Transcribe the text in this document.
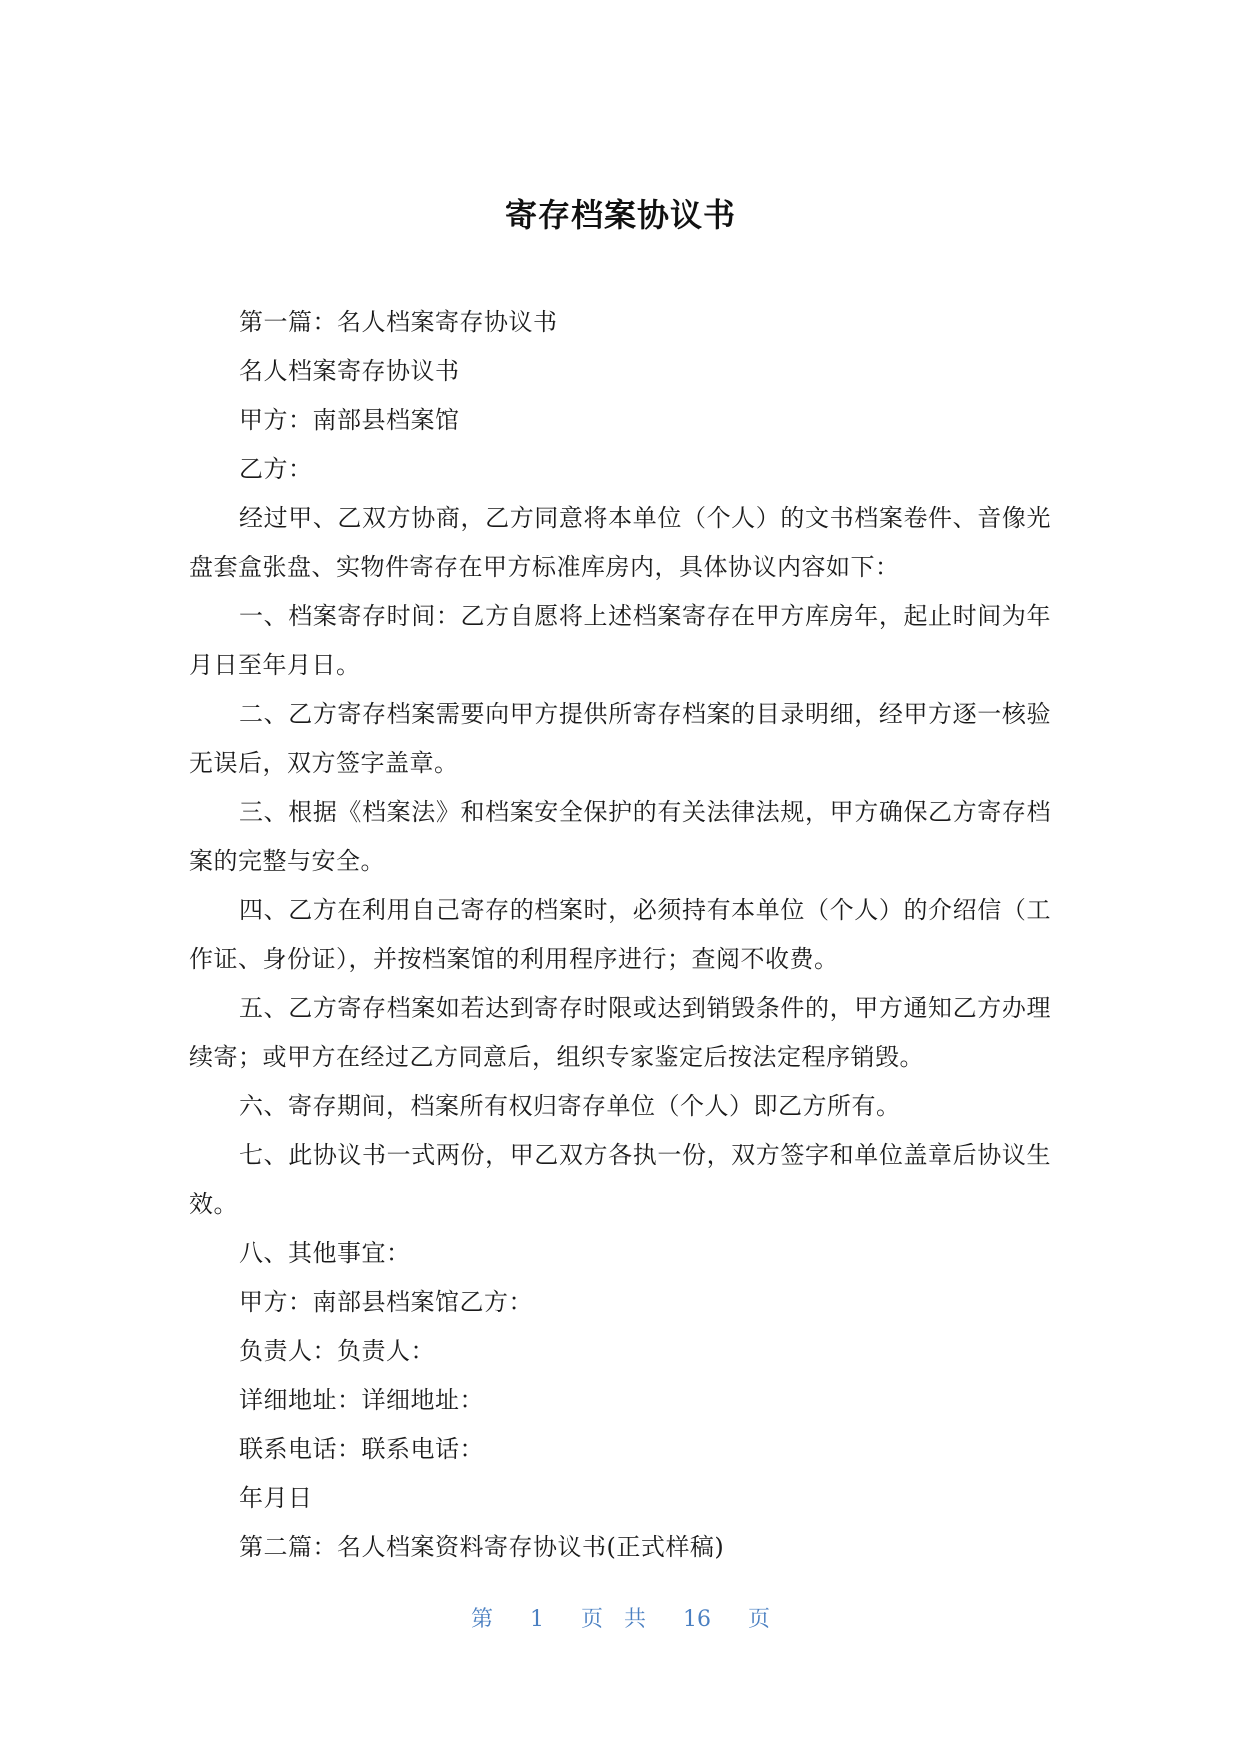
寄存档案协议书

第一篇：名人档案寄存协议书

名人档案寄存协议书

甲方：南部县档案馆

乙方：

经过甲、乙双方协商，乙方同意将本单位（个人）的文书档案卷件、音像光盘套盒张盘、实物件寄存在甲方标准库房内，具体协议内容如下：

一、档案寄存时间：乙方自愿将上述档案寄存在甲方库房年，起止时间为年月日至年月日。

二、乙方寄存档案需要向甲方提供所寄存档案的目录明细，经甲方逐一核验无误后，双方签字盖章。

三、根据《档案法》和档案安全保护的有关法律法规，甲方确保乙方寄存档案的完整与安全。

四、乙方在利用自己寄存的档案时，必须持有本单位（个人）的介绍信（工作证、身份证），并按档案馆的利用程序进行；查阅不收费。

五、乙方寄存档案如若达到寄存时限或达到销毁条件的，甲方通知乙方办理续寄；或甲方在经过乙方同意后，组织专家鉴定后按法定程序销毁。

六、寄存期间，档案所有权归寄存单位（个人）即乙方所有。

七、此协议书一式两份，甲乙双方各执一份，双方签字和单位盖章后协议生效。

八、其他事宜：

甲方：南部县档案馆乙方：

负责人：负责人：

详细地址：详细地址：

联系电话：联系电话：

年月日

第二篇：名人档案资料寄存协议书(正式样稿)

第 1 页 共 16 页
